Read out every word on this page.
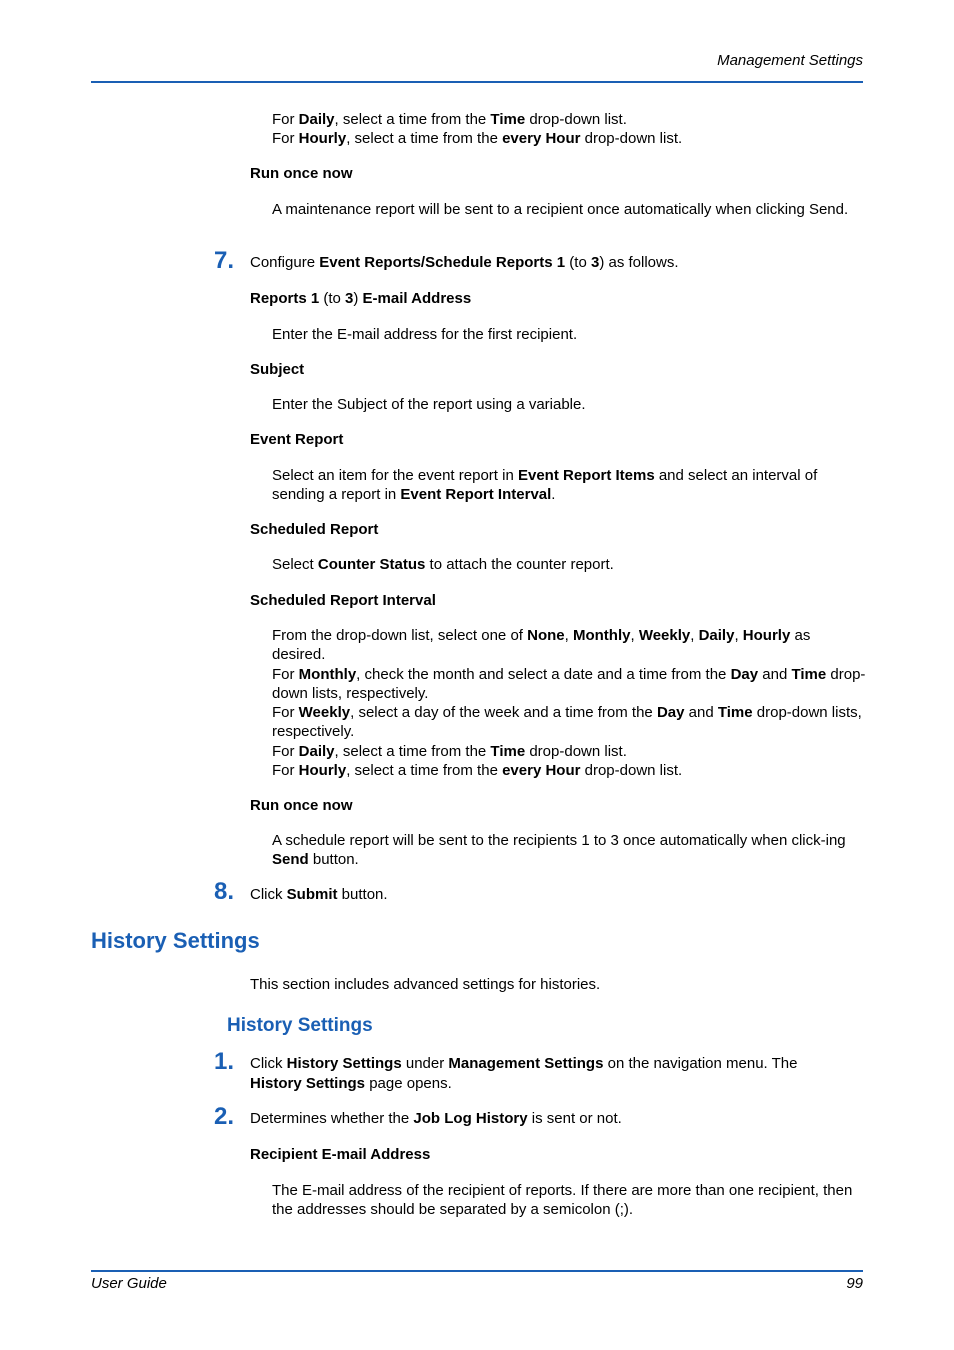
Management Settings
For Daily, select a time from the Time drop-down list.
For Hourly, select a time from the every Hour drop-down list.
Run once now
A maintenance report will be sent to a recipient once automatically when clicking Send.
7. Configure Event Reports/Schedule Reports 1 (to 3) as follows.
Reports 1 (to 3) E-mail Address
Enter the E-mail address for the first recipient.
Subject
Enter the Subject of the report using a variable.
Event Report
Select an item for the event report in Event Report Items and select an interval of sending a report in Event Report Interval.
Scheduled Report
Select Counter Status to attach the counter report.
Scheduled Report Interval
From the drop-down list, select one of None, Monthly, Weekly, Daily, Hourly as desired.
For Monthly, check the month and select a date and a time from the Day and Time drop-down lists, respectively.
For Weekly, select a day of the week and a time from the Day and Time drop-down lists, respectively.
For Daily, select a time from the Time drop-down list.
For Hourly, select a time from the every Hour drop-down list.
Run once now
A schedule report will be sent to the recipients 1 to 3 once automatically when click-ing Send button.
8. Click Submit button.
History Settings
This section includes advanced settings for histories.
History Settings
1. Click History Settings under Management Settings on the navigation menu. The History Settings page opens.
2. Determines whether the Job Log History is sent or not.
Recipient E-mail Address
The E-mail address of the recipient of reports. If there are more than one recipient, then the addresses should be separated by a semicolon (;).
User Guide	99
